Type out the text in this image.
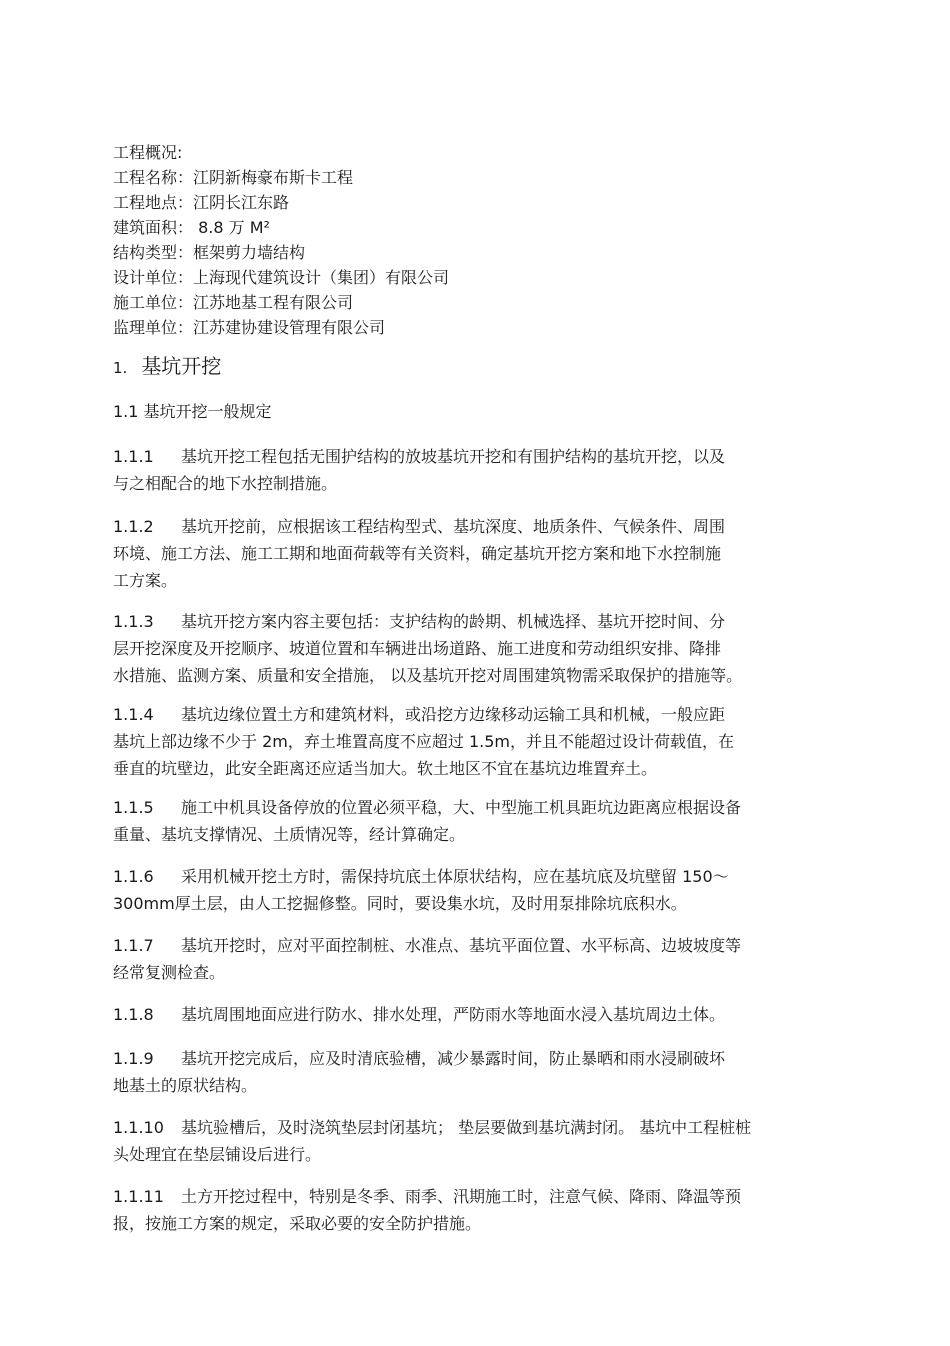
工程概况:
工程名称：江阴新梅豪布斯卡工程
工程地点：江阴长江东路
建筑面积： 8.8 万 M²
结构类型：框架剪力墙结构
设计单位：上海现代建筑设计（集团）有限公司
施工单位：江苏地基工程有限公司
监理单位：江苏建协建设管理有限公司
1. 基坑开挖
1.1 基坑开挖一般规定
1.1.1 基坑开挖工程包括无围护结构的放坡基坑开挖和有围护结构的基坑开挖，以及
与之相配合的地下水控制措施。
1.1.2 基坑开挖前，应根据该工程结构型式、基坑深度、地质条件、气候条件、周围
环境、施工方法、施工工期和地面荷载等有关资料，确定基坑开挖方案和地下水控制施
工方案。
1.1.3 基坑开挖方案内容主要包括：支护结构的龄期、机械选择、基坑开挖时间、分
层开挖深度及开挖顺序、坡道位置和车辆进出场道路、施工进度和劳动组织安排、降排
水措施、监测方案、质量和安全措施， 以及基坑开挖对周围建筑物需采取保护的措施等。
1.1.4 基坑边缘位置土方和建筑材料，或沿挖方边缘移动运输工具和机械，一般应距
基坑上部边缘不少于 2m，弃土堆置高度不应超过 1.5m，并且不能超过设计荷载值，在
垂直的坑壁边，此安全距离还应适当加大。软土地区不宜在基坑边堆置弃土。
1.1.5 施工中机具设备停放的位置必须平稳，大、中型施工机具距坑边距离应根据设备
重量、基坑支撑情况、土质情况等，经计算确定。
1.1.6 采用机械开挖土方时，需保持坑底土体原状结构，应在基坑底及坑壁留 150～
300mm厚土层，由人工挖掘修整。同时，要设集水坑，及时用泵排除坑底积水。
1.1.7 基坑开挖时，应对平面控制桩、水准点、基坑平面位置、水平标高、边坡坡度等
经常复测检查。
1.1.8 基坑周围地面应进行防水、排水处理，严防雨水等地面水浸入基坑周边土体。
1.1.9 基坑开挖完成后，应及时清底验槽，减少暴露时间，防止暴晒和雨水浸刷破坏
地基土的原状结构。
1.1.10 基坑验槽后，及时浇筑垫层封闭基坑； 垫层要做到基坑满封闭。 基坑中工程桩桩
头处理宜在垫层铺设后进行。
1.1.11 土方开挖过程中，特别是冬季、雨季、汛期施工时，注意气候、降雨、降温等预
报，按施工方案的规定，采取必要的安全防护措施。
